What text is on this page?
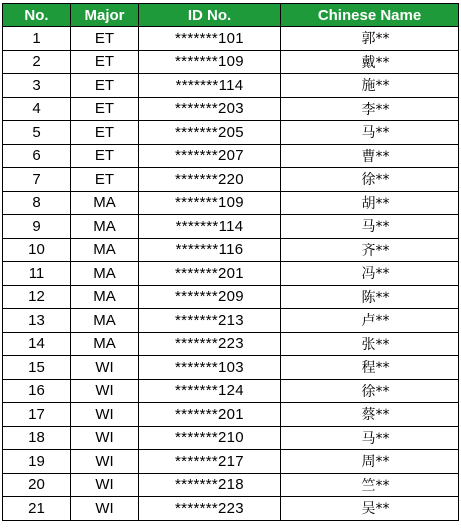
No.	Major	ID No.	Chinese Name
1	ET	*******101	郭**
2	ET	*******109	戴**
3	ET	*******114	施**
4	ET	*******203	李**
5	ET	*******205	马**
6	ET	*******207	曹**
7	ET	*******220	徐**
8	MA	*******109	胡**
9	MA	*******114	马**
10	MA	*******116	齐**
11	MA	*******201	冯**
12	MA	*******209	陈**
13	MA	*******213	卢**
14	MA	*******223	张**
15	WI	*******103	程**
16	WI	*******124	徐**
17	WI	*******201	蔡**
18	WI	*******210	马**
19	WI	*******217	周**
20	WI	*******218	竺**
21	WI	*******223	吴**
